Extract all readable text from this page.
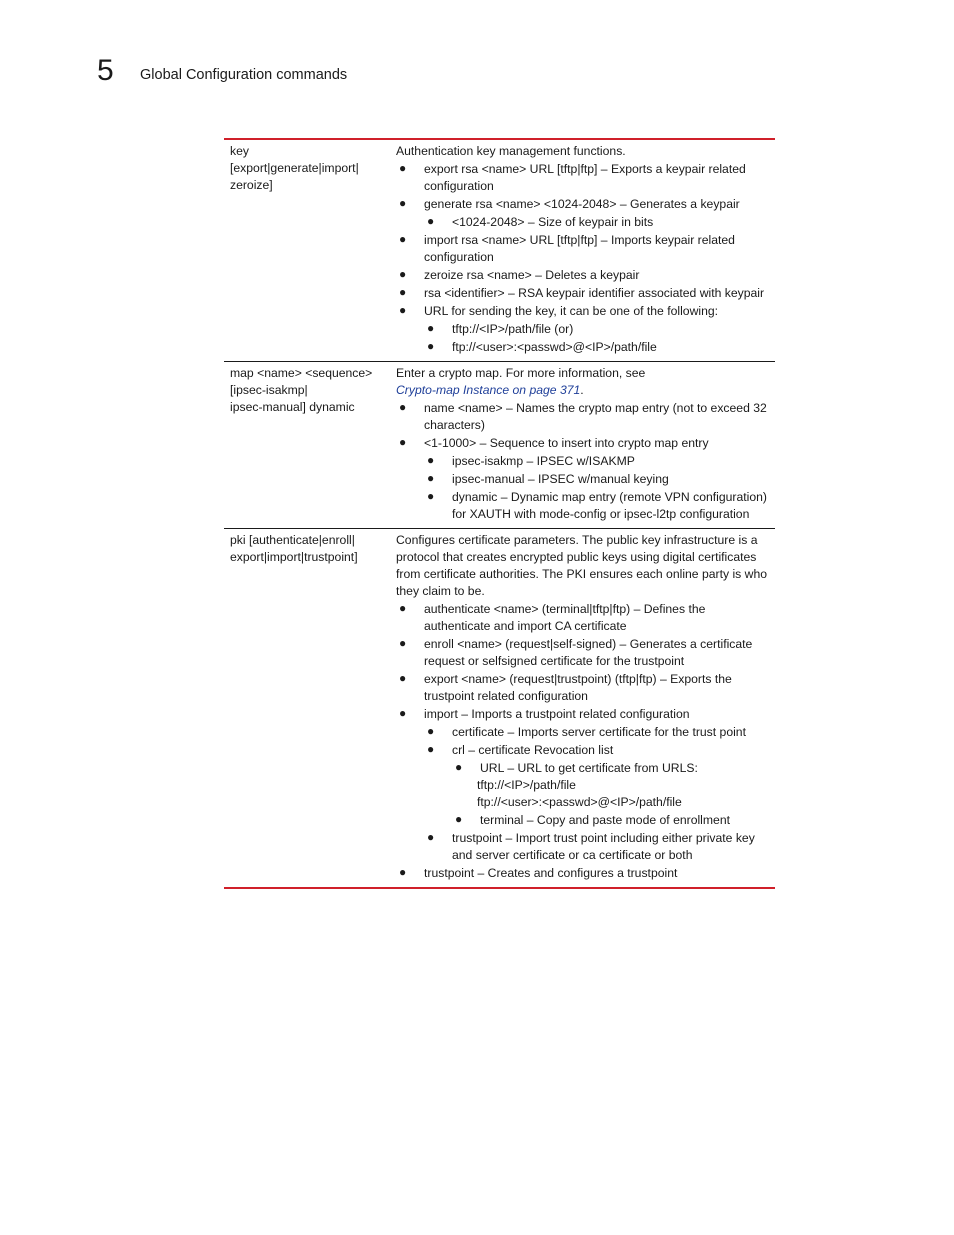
5 Global Configuration commands
key
[export|generate|import|
zeroize]
Authentication key management functions.
● export rsa <name> URL [tftp|ftp] – Exports a keypair related configuration
● generate rsa <name> <1024-2048> – Generates a keypair
● <1024-2048> – Size of keypair in bits
● import rsa <name> URL [tftp|ftp] – Imports keypair related configuration
● zeroize rsa <name> – Deletes a keypair
● rsa <identifier> – RSA keypair identifier associated with keypair
● URL for sending the key, it can be one of the following:
● tftp://<IP>/path/file (or)
● ftp://<user>:<passwd>@<IP>/path/file
map <name> <sequence>
[ipsec-isakmp|
ipsec-manual] dynamic
Enter a crypto map. For more information, see
Crypto-map Instance on page 371.
● name <name> – Names the crypto map entry (not to exceed 32 characters)
● <1-1000> – Sequence to insert into crypto map entry
● ipsec-isakmp – IPSEC w/ISAKMP
● ipsec-manual – IPSEC w/manual keying
● dynamic – Dynamic map entry (remote VPN configuration) for XAUTH with mode-config or ipsec-l2tp configuration
pki [authenticate|enroll|
export|import|trustpoint]
Configures certificate parameters. The public key infrastructure is a protocol that creates encrypted public keys using digital certificates from certificate authorities. The PKI ensures each online party is who they claim to be.
● authenticate <name> (terminal|tftp|ftp) – Defines the authenticate and import CA certificate
● enroll <name> (request|self-signed) – Generates a certificate request or selfsigned certificate for the trustpoint
● export <name> (request|trustpoint) (tftp|ftp) – Exports the trustpoint related configuration
● import – Imports a trustpoint related configuration
● certificate – Imports server certificate for the trust point
● crl – certificate Revocation list
● URL – URL to get certificate from URLS:
tftp://<IP>/path/file
ftp://<user>:<passwd>@<IP>/path/file
● terminal – Copy and paste mode of enrollment
● trustpoint – Import trust point including either private key and server certificate or ca certificate or both
● trustpoint – Creates and configures a trustpoint
